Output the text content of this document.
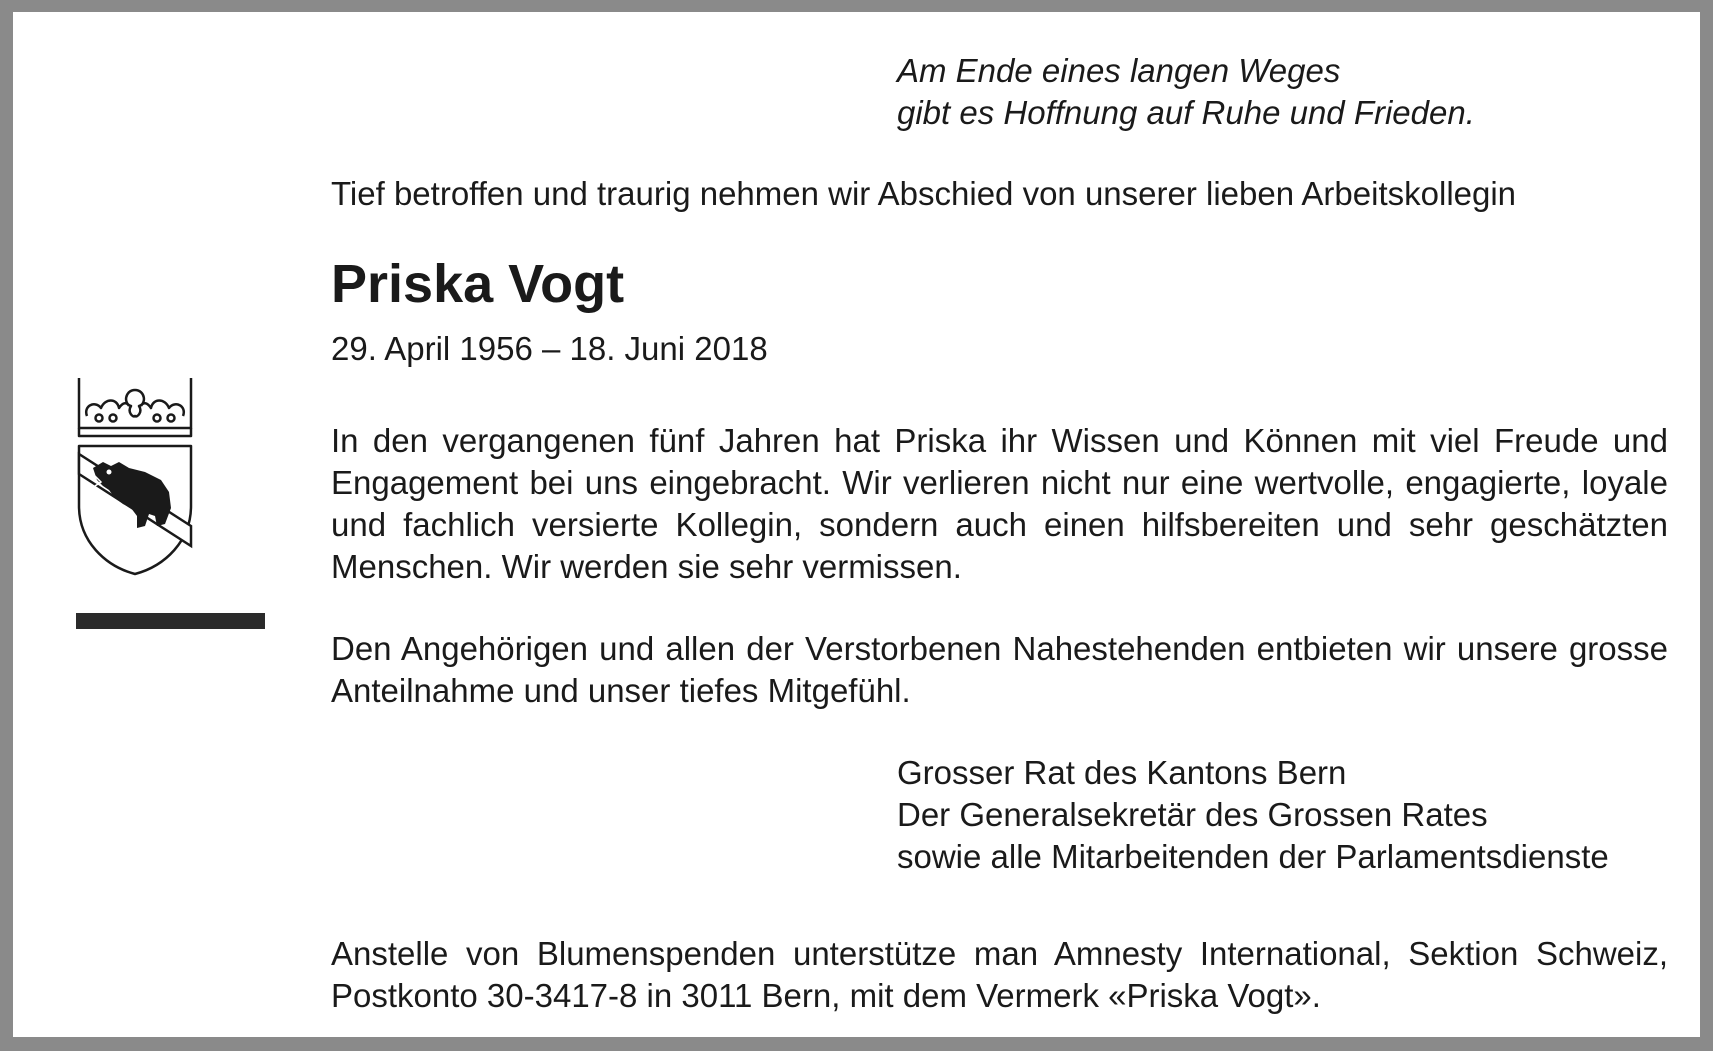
Am Ende eines langen Weges
gibt es Hoffnung auf Ruhe und Frieden.

Tief betroffen und traurig nehmen wir Abschied von unserer lieben Arbeitskollegin

Priska Vogt

29. April 1956 – 18. Juni 2018

In den vergangenen fünf Jahren hat Priska ihr Wissen und Können mit viel Freude und Engagement bei uns eingebracht. Wir verlieren nicht nur eine wertvolle, engagierte, loyale und fachlich versierte Kollegin, sondern auch einen hilfsbereiten und sehr geschätzten Menschen. Wir werden sie sehr vermissen.

Den Angehörigen und allen der Verstorbenen Nahestehenden entbieten wir unsere grosse Anteilnahme und unser tiefes Mitgefühl.

Grosser Rat des Kantons Bern
Der Generalsekretär des Grossen Rates
sowie alle Mitarbeitenden der Parlamentsdienste

Anstelle von Blumenspenden unterstütze man Amnesty International, Sektion Schweiz, Postkonto 30-3417-8 in 3011 Bern, mit dem Vermerk «Priska Vogt».
